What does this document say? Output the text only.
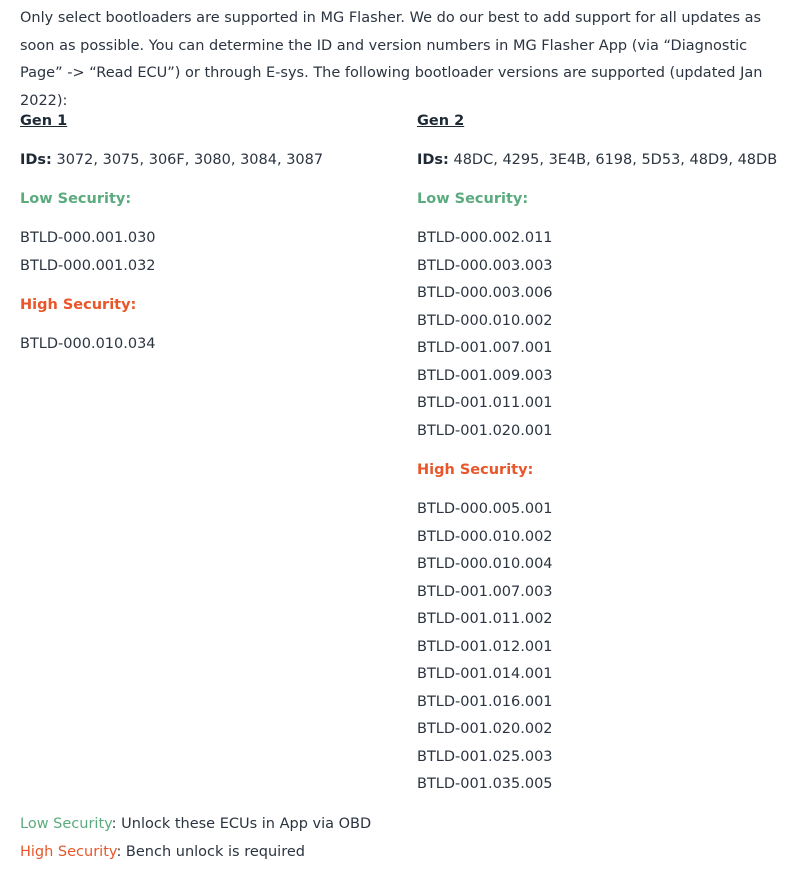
Only select bootloaders are supported in MG Flasher. We do our best to add support for all updates as soon as possible. You can determine the ID and version numbers in MG Flasher App (via “Diagnostic Page” -> “Read ECU”) or through E-sys. The following bootloader versions are supported (updated Jan 2022):

Gen 1
IDs: 3072, 3075, 306F, 3080, 3084, 3087
Low Security:
BTLD-000.001.030
BTLD-000.001.032
High Security:
BTLD-000.010.034
Gen 2
IDs: 48DC, 4295, 3E4B, 6198, 5D53, 48D9, 48DB
Low Security:
BTLD-000.002.011
BTLD-000.003.003
BTLD-000.003.006
BTLD-000.010.002
BTLD-001.007.001
BTLD-001.009.003
BTLD-001.011.001
BTLD-001.020.001
High Security:
BTLD-000.005.001
BTLD-000.010.002
BTLD-000.010.004
BTLD-001.007.003
BTLD-001.011.002
BTLD-001.012.001
BTLD-001.014.001
BTLD-001.016.001
BTLD-001.020.002
BTLD-001.025.003
BTLD-001.035.005
Low Security: Unlock these ECUs in App via OBD
High Security: Bench unlock is required
